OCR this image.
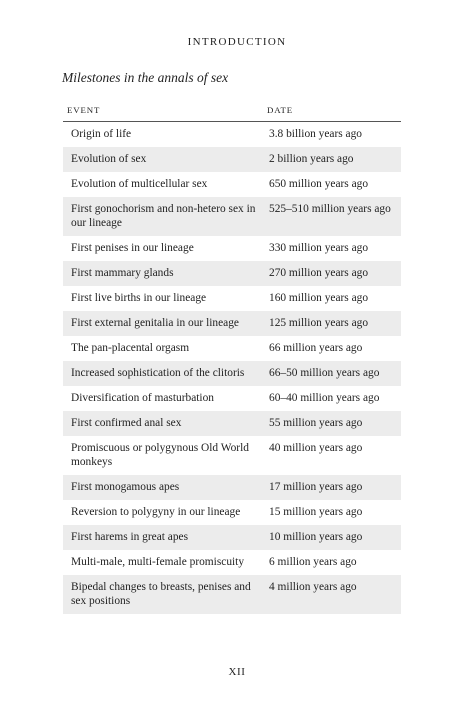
INTRODUCTION
Milestones in the annals of sex
EVENT	DATE
Origin of life	3.8 billion years ago
Evolution of sex	2 billion years ago
Evolution of multicellular sex	650 million years ago
First gonochorism and non-hetero sex in our lineage	525–510 million years ago
First penises in our lineage	330 million years ago
First mammary glands	270 million years ago
First live births in our lineage	160 million years ago
First external genitalia in our lineage	125 million years ago
The pan-placental orgasm	66 million years ago
Increased sophistication of the clitoris	66–50 million years ago
Diversification of masturbation	60–40 million years ago
First confirmed anal sex	55 million years ago
Promiscuous or polygynous Old World monkeys	40 million years ago
First monogamous apes	17 million years ago
Reversion to polygyny in our lineage	15 million years ago
First harems in great apes	10 million years ago
Multi-male, multi-female promiscuity	6 million years ago
Bipedal changes to breasts, penises and sex positions	4 million years ago
XII
